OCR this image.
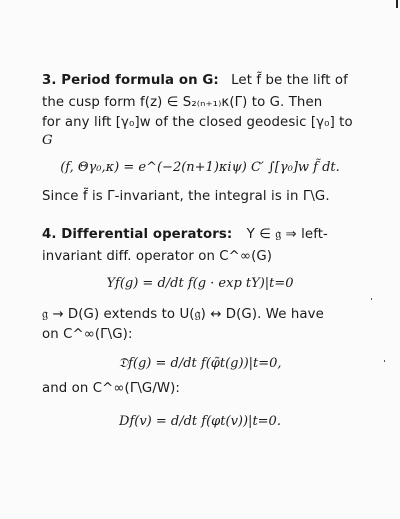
3. Period formula on G: Let f̃ be the lift of
the cusp form f(z) ∈ S₂₍ₙ₊₁₎κ(Γ) to G. Then
for any lift [γ₀]w of the closed geodesic [γ₀] to
G
(f, Θγ₀,κ) = e^(−2(n+1)κiψ) C′ ∫[γ₀]w f̃ dt.
Since f̃ is Γ-invariant, the integral is in Γ\G.
4. Differential operators: Y ∈ 𝔤 ⇒ left-
invariant diff. operator on C^∞(G)
Yf(g) = d/dt f(g · exp tY)|t=0
𝔤 → D(G) extends to U(𝔤) ↔ D(G). We have
on C^∞(Γ\G):
𝔇f(g) = d/dt f(φ̃t(g))|t=0,
and on C^∞(Γ\G/W):
Df(v) = d/dt f(φt(v))|t=0.
